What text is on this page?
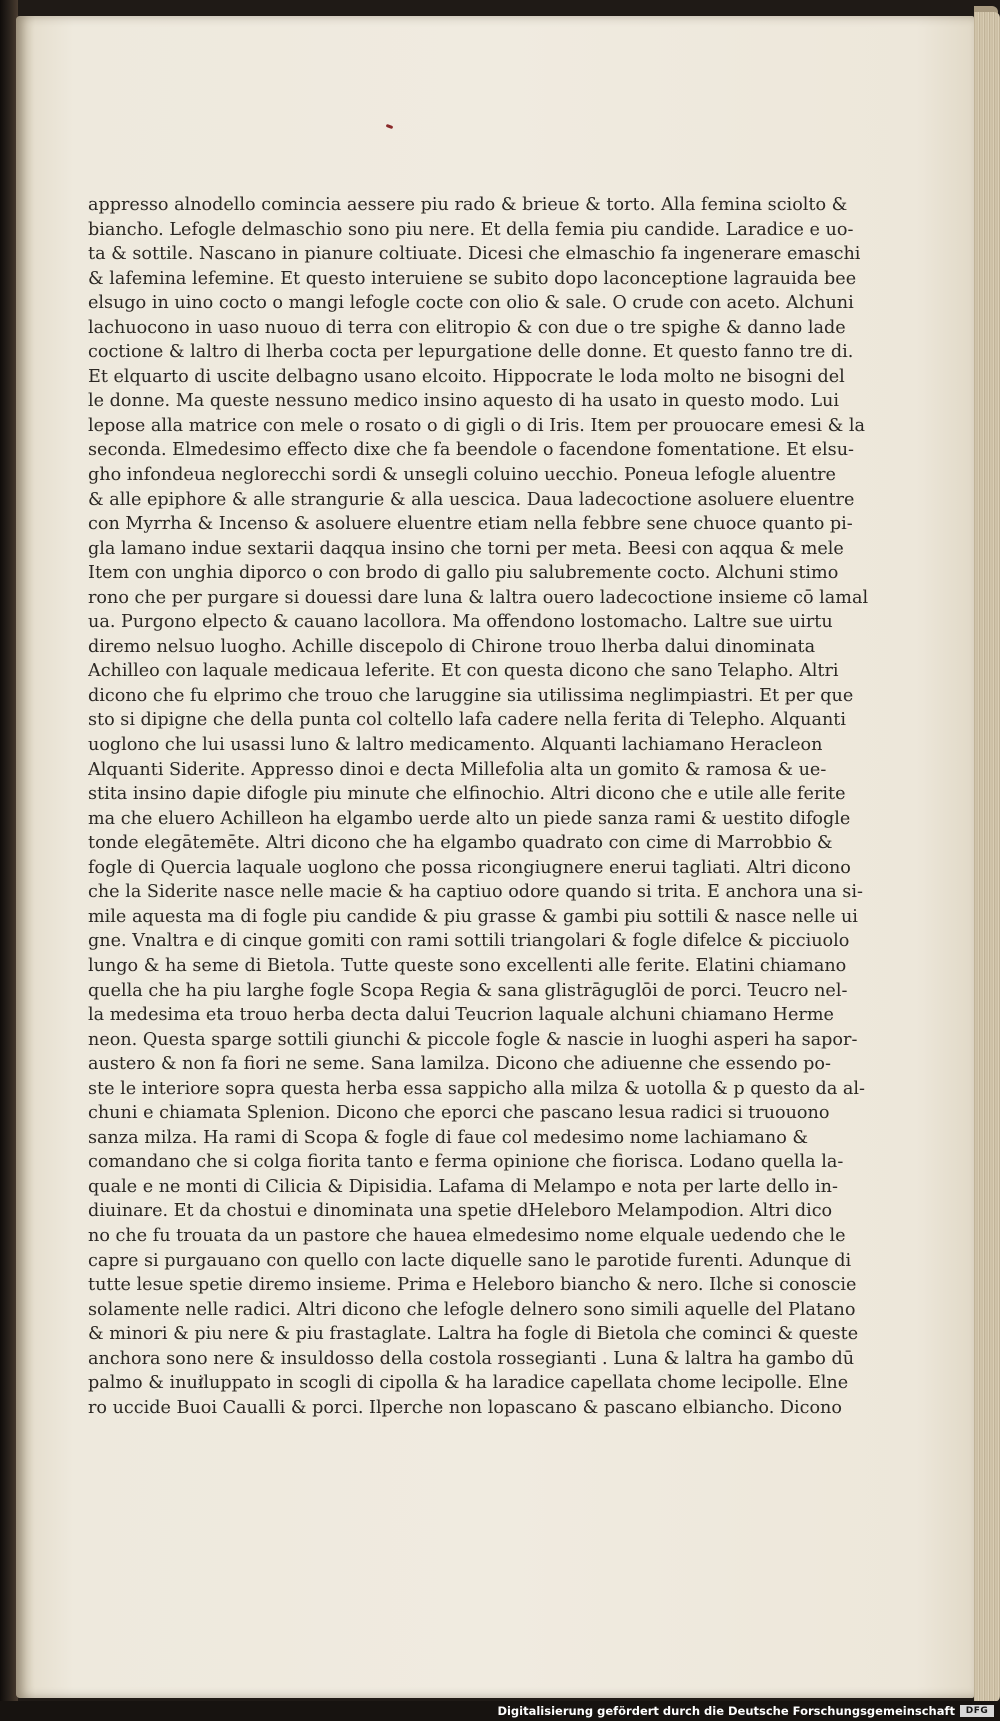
appresso alnodello comincia aessere piu rado & brieue & torto. Alla femina sciolto &
biancho. Lefogle delmaschio sono piu nere. Et della femia piu candide. Laradice e uo-
ta & sottile. Nascano in pianure coltiuate. Dicesi che elmaschio fa ingenerare emaschi
& lafemina lefemine. Et questo interuiene se subito dopo laconceptione lagrauida bee
elsugo in uino cocto o mangi lefogle cocte con olio & sale. O crude con aceto. Alchuni
lachuocono in uaso nuouo di terra con elitropio & con due o tre spighe & danno lade
coctione & laltro di lherba cocta per lepurgatione delle donne. Et questo fanno tre di.
Et elquarto di uscite delbagno usano elcoito. Hippocrate le loda molto ne bisogni del
le donne. Ma queste nessuno medico insino aquesto di ha usato in questo modo. Lui
lepose alla matrice con mele o rosato o di gigli o di Iris. Item per prouocare emesi & la
seconda. Elmedesimo effecto dixe che fa beendole o facendone fomentatione. Et elsu-
gho infondeua neglorecchi sordi & unsegli coluino uecchio. Poneua lefogle aluentre
& alle epiphore & alle strangurie & alla uescica. Daua ladecoctione asoluere eluentre
con Myrrha & Incenso & asoluere eluentre etiam nella febbre sene chuoce quanto pi-
gla lamano indue sextarii daqqua insino che torni per meta. Beesi con aqqua & mele
Item con unghia diporco o con brodo di gallo piu salubremente cocto. Alchuni stimo
rono che per purgare si douessi dare luna & laltra ouero ladecoctione insieme cō lamal
ua. Purgono elpecto & cauano lacollora. Ma offendono lostomacho. Laltre sue uirtu
diremo nelsuo luogho. Achille discepolo di Chirone trouo lherba dalui dinominata
Achilleo con laquale medicaua leferite. Et con questa dicono che sano Telapho. Altri
dicono che fu elprimo che trouo che laruggine sia utilissima neglimpiastri. Et per que
sto si dipigne che della punta col coltello lafa cadere nella ferita di Telepho. Alquanti
uoglono che lui usassi luno & laltro medicamento. Alquanti lachiamano Heracleon
Alquanti Siderite. Appresso dinoi e decta Millefolia alta un gomito & ramosa & ue-
stita insino dapie difogle piu minute che elfinochio. Altri dicono che e utile alle ferite
ma che eluero Achilleon ha elgambo uerde alto un piede sanza rami & uestito difogle
tonde elegātemēte. Altri dicono che ha elgambo quadrato con cime di Marrobbio &
fogle di Quercia laquale uoglono che possa ricongiugnere enerui tagliati. Altri dicono
che la Siderite nasce nelle macie & ha captiuo odore quando si trita. E anchora una si-
mile aquesta ma di fogle piu candide & piu grasse & gambi piu sottili & nasce nelle ui
gne. Vnaltra e di cinque gomiti con rami sottili triangolari & fogle difelce & picciuolo
lungo & ha seme di Bietola. Tutte queste sono excellenti alle ferite. Elatini chiamano
quella che ha piu larghe fogle Scopa Regia & sana glistrāguglōi de porci. Teucro nel-
la medesima eta trouo herba decta dalui Teucrion laquale alchuni chiamano Herme
neon. Questa sparge sottili giunchi & piccole fogle & nascie in luoghi asperi ha sapor-
austero & non fa fiori ne seme. Sana lamilza. Dicono che adiuenne che essendo po-
ste le interiore sopra questa herba essa sappicho alla milza & uotolla & p questo da al-
chuni e chiamata Splenion. Dicono che eporci che pascano lesua radici si truouono
sanza milza. Ha rami di Scopa & fogle di faue col medesimo nome lachiamano &
comandano che si colga fiorita tanto e ferma opinione che fiorisca. Lodano quella la-
quale e ne monti di Cilicia & Dipisidia. Lafama di Melampo e nota per larte dello in-
diuinare. Et da chostui e dinominata una spetie dHeleboro Melampodion. Altri dico
no che fu trouata da un pastore che hauea elmedesimo nome elquale uedendo che le
capre si purgauano con quello con lacte diquelle sano le parotide furenti. Adunque di
tutte lesue spetie diremo insieme. Prima e Heleboro biancho & nero. Ilche si conoscie
solamente nelle radici. Altri dicono che lefogle delnero sono simili aquelle del Platano
& minori & piu nere & piu frastaglate. Laltra ha fogle di Bietola che cominci & queste
anchora sono nere & insuldosso della costola rossegianti . Luna & laltra ha gambo dū
palmo & inuiluppato in scogli di cipolla & ha laradice capellata chome lecipolle. Elne
ro uccide Buoi Caualli & porci. Ilperche non lopascano & pascano elbiancho. Dicono
Digitalisierung gefördert durch die Deutsche Forschungsgemeinschaft	DFG
